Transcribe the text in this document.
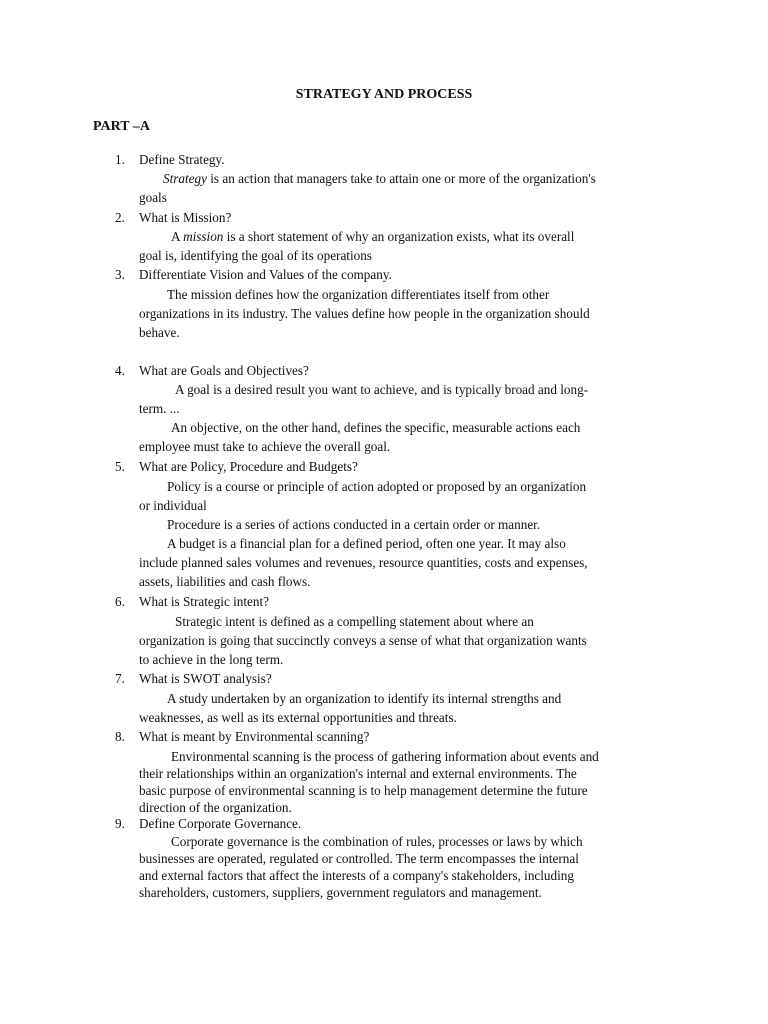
STRATEGY AND PROCESS
PART –A
1.	Define Strategy.
Strategy is an action that managers take to attain one or more of the organization's
goals
2.	What is Mission?
A mission is a short statement of why an organization exists, what its overall
goal is, identifying the goal of its operations
3.	Differentiate Vision and Values of the company.
The mission defines how the organization differentiates itself from other
organizations in its industry. The values define how people in the organization should
behave.
4.	What are Goals and Objectives?
A goal is a desired result you want to achieve, and is typically broad and long-
term. ...
An objective, on the other hand, defines the specific, measurable actions each
employee must take to achieve the overall goal.
5.	What are Policy, Procedure and Budgets?
Policy is a course or principle of action adopted or proposed by an organization
or individual
Procedure is a series of actions conducted in a certain order or manner.
A budget is a financial plan for a defined period, often one year. It may also
include planned sales volumes and revenues, resource quantities, costs and expenses,
assets, liabilities and cash flows.
6.	What is Strategic intent?
Strategic intent is defined as a compelling statement about where an
organization is going that succinctly conveys a sense of what that organization wants
to achieve in the long term.
7.	What is SWOT analysis?
A study undertaken by an organization to identify its internal strengths and
weaknesses, as well as its external opportunities and threats.
8.	What is meant by Environmental scanning?
Environmental scanning is the process of gathering information about events and
their relationships within an organization's internal and external environments. The
basic purpose of environmental scanning is to help management determine the future
direction of the organization.
9.	Define Corporate Governance.
Corporate governance is the combination of rules, processes or laws by which
businesses are operated, regulated or controlled. The term encompasses the internal
and external factors that affect the interests of a company's stakeholders, including
shareholders, customers, suppliers, government regulators and management.
